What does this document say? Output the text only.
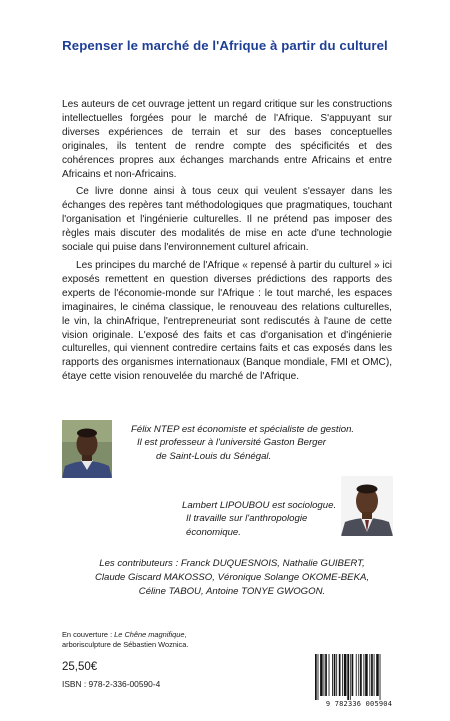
Repenser le marché de l'Afrique à partir du culturel

Les auteurs de cet ouvrage jettent un regard critique sur les constructions intellectuelles forgées pour le marché de l'Afrique. S'appuyant sur diverses expériences de terrain et sur des bases conceptuelles originales, ils tentent de rendre compte des spécificités et des cohérences propres aux échanges marchands entre Africains et entre Africains et non-Africains.

Ce livre donne ainsi à tous ceux qui veulent s'essayer dans les échanges des repères tant méthodologiques que pragmatiques, touchant l'organisation et l'ingénierie culturelles. Il ne prétend pas imposer des règles mais discuter des modalités de mise en acte d'une technologie sociale qui puise dans l'environnement culturel africain.

Les principes du marché de l'Afrique « repensé à partir du culturel » ici exposés remettent en question diverses prédictions des rapports des experts de l'économie-monde sur l'Afrique : le tout marché, les espaces imaginaires, le cinéma classique, le renouveau des relations culturelles, le vin, la chinAfrique, l'entrepreneuriat sont rediscutés à l'aune de cette vision originale. L'exposé des faits et cas d'organisation et d'ingénierie culturelles, qui viennent contredire certains faits et cas exposés dans les rapports des organismes internationaux (Banque mondiale, FMI et OMC), étaye cette vision renouvelée du marché de l'Afrique.

Félix NTEP est économiste et spécialiste de gestion.
Il est professeur à l'université Gaston Berger
de Saint-Louis du Sénégal.
Lambert LIPOUBOU est sociologue.
Il travaille sur l'anthropologie économique.
Les contributeurs : Franck DUQUESNOIS, Nathalie GUIBERT,
Claude Giscard MAKOSSO, Véronique Solange OKOME-BEKA,
Céline TABOU, Antoine TONYE GWOGON.
En couverture : Le Chêne magnifique,
arborisculpture de Sébastien Woznica.
25,50€
ISBN : 978-2-336-00590-4
9 782336 005904
